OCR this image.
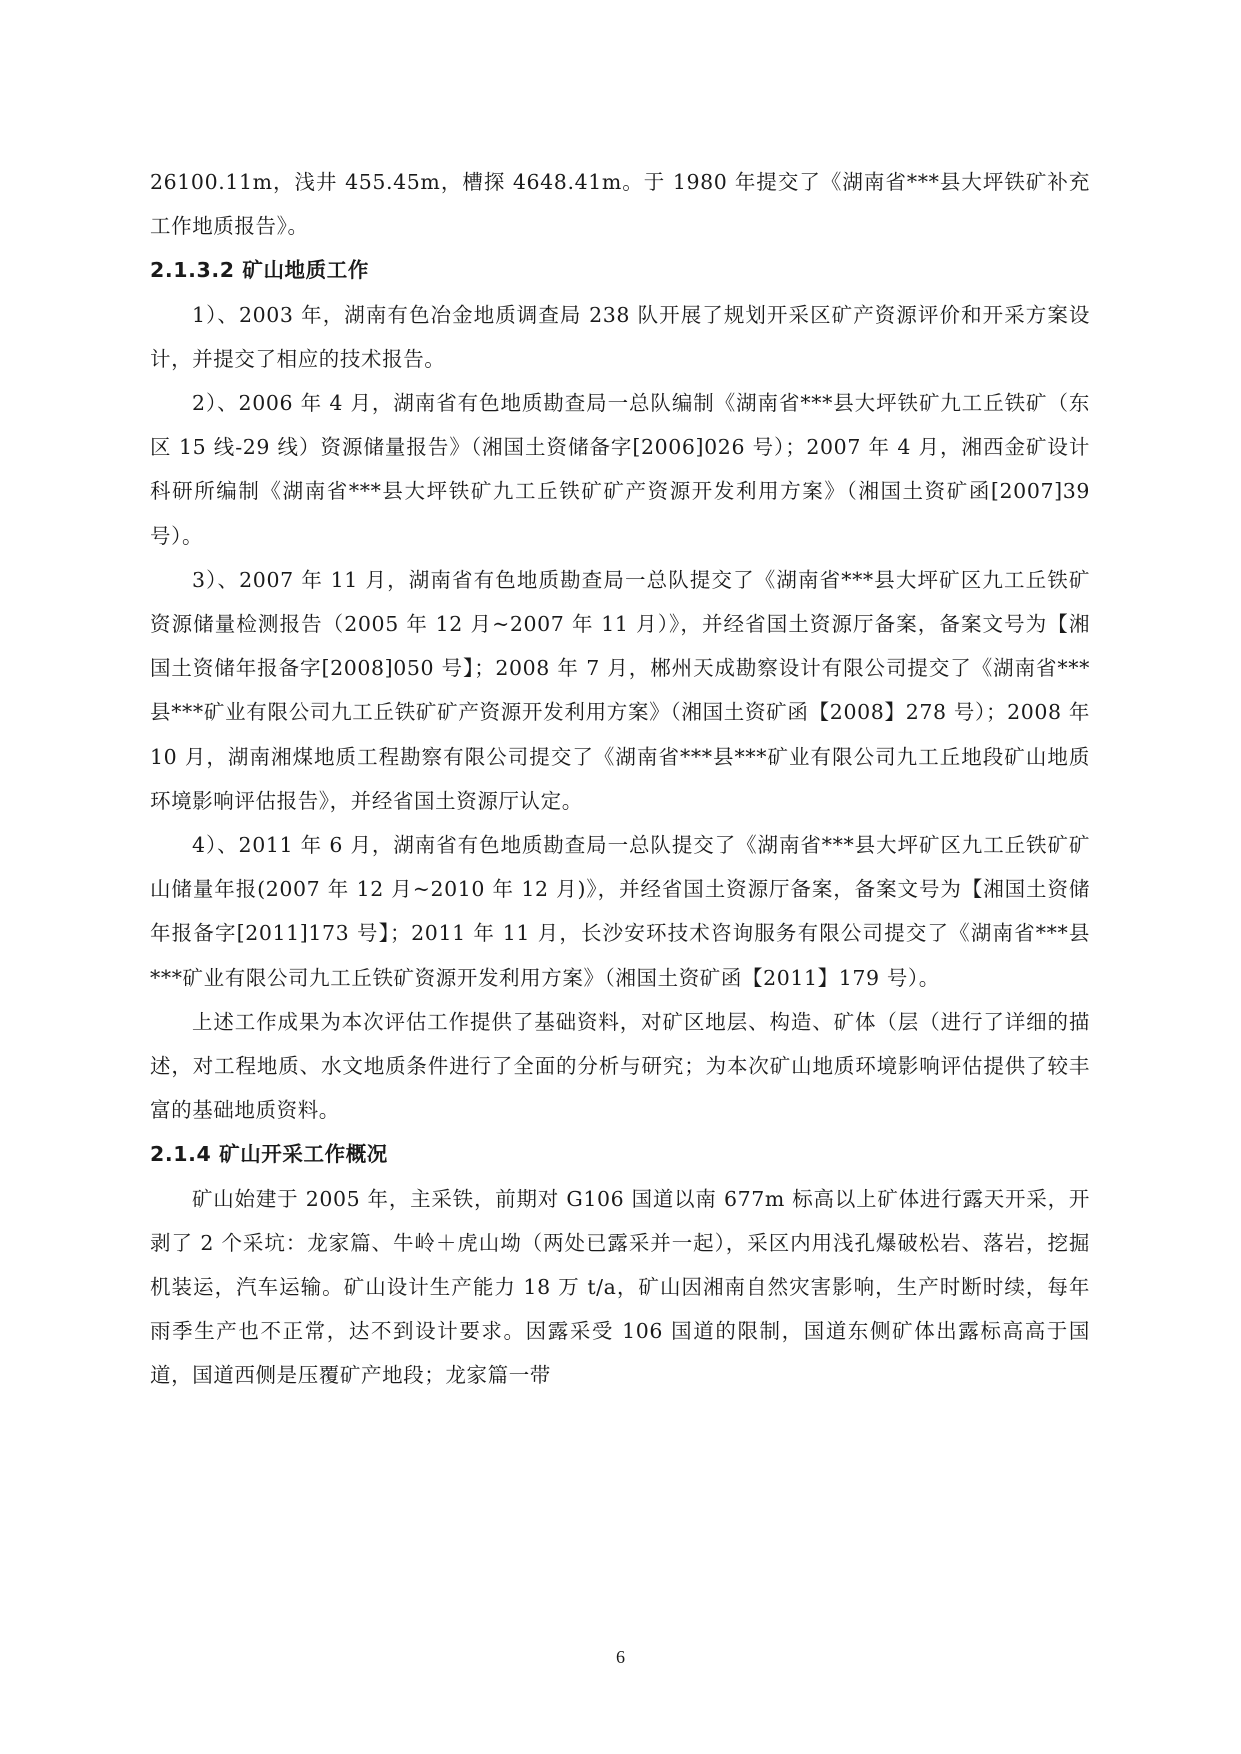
26100.11m，浅井 455.45m，槽探 4648.41m。于 1980 年提交了《湖南省***县大坪铁矿补充工作地质报告》。

2.1.3.2 矿山地质工作

1）、2003 年，湖南有色冶金地质调查局 238 队开展了规划开采区矿产资源评价和开采方案设计，并提交了相应的技术报告。

2）、2006 年 4 月，湖南省有色地质勘查局一总队编制《湖南省***县大坪铁矿九工丘铁矿（东区 15 线-29 线）资源储量报告》（湘国土资储备字[2006]026 号）；2007 年 4 月，湘西金矿设计科研所编制《湖南省***县大坪铁矿九工丘铁矿矿产资源开发利用方案》（湘国土资矿函[2007]39 号）。

3）、2007 年 11 月，湖南省有色地质勘查局一总队提交了《湖南省***县大坪矿区九工丘铁矿资源储量检测报告（2005 年 12 月~2007 年 11 月）》，并经省国土资源厅备案，备案文号为【湘国土资储年报备字[2008]050 号】；2008 年 7 月，郴州天成勘察设计有限公司提交了《湖南省***县***矿业有限公司九工丘铁矿矿产资源开发利用方案》（湘国土资矿函【2008】278 号）；2008 年 10 月，湖南湘煤地质工程勘察有限公司提交了《湖南省***县***矿业有限公司九工丘地段矿山地质环境影响评估报告》，并经省国土资源厅认定。

4）、2011 年 6 月，湖南省有色地质勘查局一总队提交了《湖南省***县大坪矿区九工丘铁矿矿山储量年报(2007 年 12 月~2010 年 12 月)》，并经省国土资源厅备案，备案文号为【湘国土资储年报备字[2011]173 号】；2011 年 11 月，长沙安环技术咨询服务有限公司提交了《湖南省***县***矿业有限公司九工丘铁矿资源开发利用方案》（湘国土资矿函【2011】179 号）。

上述工作成果为本次评估工作提供了基础资料，对矿区地层、构造、矿体（层（进行了详细的描述，对工程地质、水文地质条件进行了全面的分析与研究；为本次矿山地质环境影响评估提供了较丰富的基础地质资料。

2.1.4 矿山开采工作概况

矿山始建于 2005 年，主采铁，前期对 G106 国道以南 677m 标高以上矿体进行露天开采，开剥了 2 个采坑：龙家篇、牛岭＋虎山坳（两处已露采并一起），采区内用浅孔爆破松岩、落岩，挖掘机装运，汽车运输。矿山设计生产能力 18 万 t/a，矿山因湘南自然灾害影响，生产时断时续，每年雨季生产也不正常，达不到设计要求。因露采受 106 国道的限制，国道东侧矿体出露标高高于国道，国道西侧是压覆矿产地段；龙家篇一带

6
